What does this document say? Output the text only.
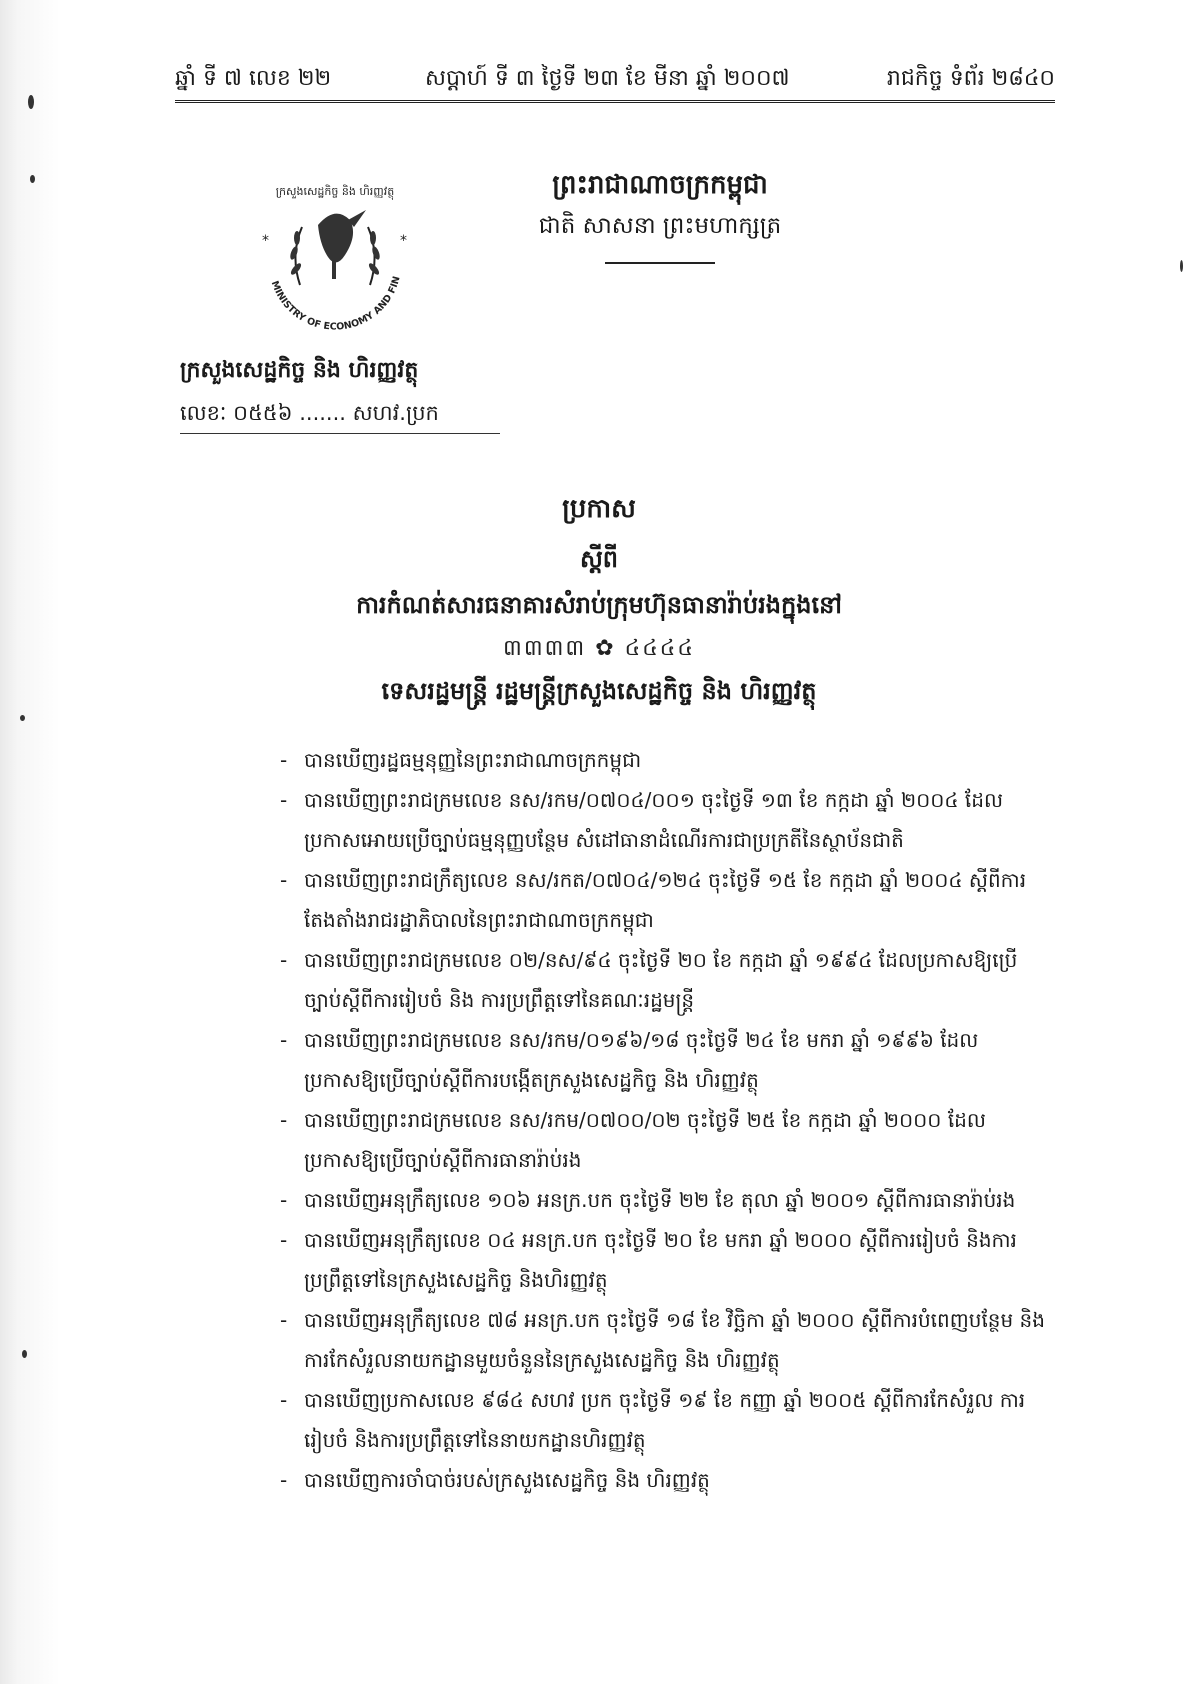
ឆ្នាំ ទី ៧ លេខ ២២	សប្តាហ៍ ទី ៣ ថ្ងៃទី ២៣ ខែ មីនា ឆ្នាំ ២០០៧	រាជកិច្ច ទំព័រ ២៨៤០
MINISTRY OF ECONOMY AND FIN
ក្រសួងសេដ្ឋកិច្ច និង ហិរញ្ញវត្ថុ
*	*
ក្រសួងសេដ្ឋកិច្ច និង ហិរញ្ញវត្ថុ
លេខៈ ០៥៥៦ ....... សហវ.ប្រក
ព្រះរាជាណាចក្រកម្ពុជា
ជាតិ សាសនា ព្រះមហាក្សត្រ
ប្រកាស
ស្តីពី
ការកំណត់សារធនាគារសំរាប់ក្រុមហ៊ុនធានារ៉ាប់រងក្នុងនៅ
៣៣៣៣ ✿ ៤៤៤៤
ទេសរដ្ឋមន្ត្រី រដ្ឋមន្ត្រីក្រសួងសេដ្ឋកិច្ច និង ហិរញ្ញវត្ថុ
- បានឃើញរដ្ឋធម្មនុញ្ញនៃព្រះរាជាណាចក្រកម្ពុជា
- បានឃើញព្រះរាជក្រមលេខ នស/រកម/០៧០៤/០០១ ចុះថ្ងៃទី ១៣ ខែ កក្កដា ឆ្នាំ ២០០៤ ដែល ប្រកាសអោយប្រើច្បាប់ធម្មនុញ្ញបន្ថែម សំដៅធានាដំណើរការជាប្រក្រតីនៃស្ថាប័នជាតិ
- បានឃើញព្រះរាជក្រឹត្យលេខ នស/រកត/០៧០៤/១២៤ ចុះថ្ងៃទី ១៥ ខែ កក្កដា ឆ្នាំ ២០០៤ ស្តីពីការ តែងតាំងរាជរដ្ឋាភិបាលនៃព្រះរាជាណាចក្រកម្ពុជា
- បានឃើញព្រះរាជក្រមលេខ ០២/នស/៩៤ ចុះថ្ងៃទី ២០ ខែ កក្កដា ឆ្នាំ ១៩៩៤ ដែលប្រកាសឱ្យប្រើ ច្បាប់ស្តីពីការរៀបចំ និង ការប្រព្រឹត្តទៅនៃគណៈរដ្ឋមន្ត្រី
- បានឃើញព្រះរាជក្រមលេខ នស/រកម/០១៩៦/១៨ ចុះថ្ងៃទី ២៤ ខែ មករា ឆ្នាំ ១៩៩៦ ដែល ប្រកាសឱ្យប្រើច្បាប់ស្តីពីការបង្កើតក្រសួងសេដ្ឋកិច្ច និង ហិរញ្ញវត្ថុ
- បានឃើញព្រះរាជក្រមលេខ នស/រកម/០៧០០/០២ ចុះថ្ងៃទី ២៥ ខែ កក្កដា ឆ្នាំ ២០០០ ដែល ប្រកាសឱ្យប្រើច្បាប់ស្តីពីការធានារ៉ាប់រង
- បានឃើញអនុក្រឹត្យលេខ ១០៦ អនក្រ.បក ចុះថ្ងៃទី ២២ ខែ តុលា ឆ្នាំ ២០០១ ស្តីពីការធានារ៉ាប់រង
- បានឃើញអនុក្រឹត្យលេខ ០៤ អនក្រ.បក ចុះថ្ងៃទី ២០ ខែ មករា ឆ្នាំ ២០០០ ស្តីពីការរៀបចំ និងការ ប្រព្រឹត្តទៅនៃក្រសួងសេដ្ឋកិច្ច និងហិរញ្ញវត្ថុ
- បានឃើញអនុក្រឹត្យលេខ ៧៨ អនក្រ.បក ចុះថ្ងៃទី ១៨ ខែ វិច្ឆិកា ឆ្នាំ ២០០០ ស្តីពីការបំពេញបន្ថែម និង ការកែសំរួលនាយកដ្ឋានមួយចំនួននៃក្រសួងសេដ្ឋកិច្ច និង ហិរញ្ញវត្ថុ
- បានឃើញប្រកាសលេខ ៩៨៤ សហវ ប្រក ចុះថ្ងៃទី ១៩ ខែ កញ្ញា ឆ្នាំ ២០០៥ ស្តីពីការកែសំរួល ការរៀបចំ និងការប្រព្រឹត្តទៅនៃនាយកដ្ឋានហិរញ្ញវត្ថុ
- បានឃើញការចាំបាច់របស់ក្រសួងសេដ្ឋកិច្ច និង ហិរញ្ញវត្ថុ
